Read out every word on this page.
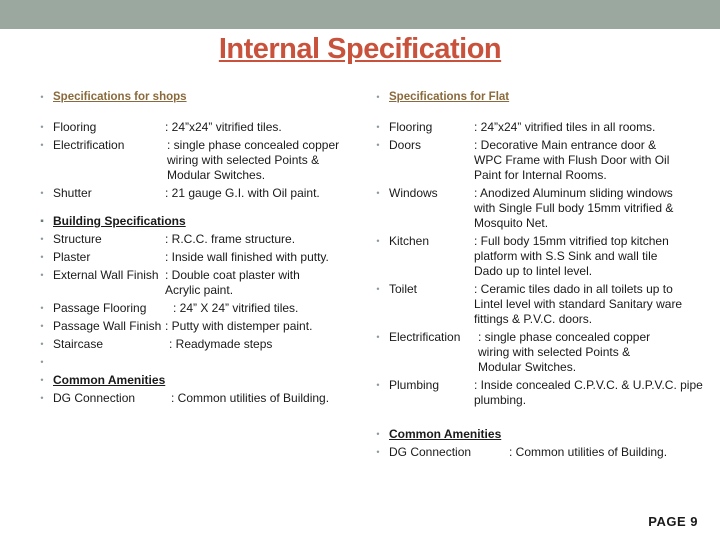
Internal Specification
• Specifications for shops
• Flooring	: 24”x24” vitrified tiles.
• Electrification	: single phase concealed copper wiring with selected Points & Modular Switches.
• Shutter	: 21 gauge G.I. with Oil paint.
▪ Building Specifications
• Structure	: R.C.C. frame structure.
• Plaster	: Inside wall finished with putty.
• External Wall Finish : Double coat plaster with Acrylic paint.
• Passage Flooring	: 24” X 24” vitrified tiles.
• Passage Wall Finish : Putty with distemper paint.
• Staircase	: Readymade steps
•

• Common Amenities
• DG Connection	: Common utilities of Building.
• Specifications for Flat
• Flooring	: 24”x24” vitrified tiles in all rooms.
• Doors	: Decorative Main entrance door & WPC Frame with Flush Door with Oil Paint for Internal Rooms.
• Windows	: Anodized Aluminum sliding windows with Single Full body 15mm vitrified & Mosquito Net.
• Kitchen	: Full body 15mm vitrified top kitchen platform with S.S Sink and wall tile Dado up to lintel level.
• Toilet	: Ceramic tiles dado in all toilets up to Lintel level with standard Sanitary ware fittings & P.V.C. doors.
• Electrification	: single phase concealed copper wiring with selected Points & Modular Switches.
• Plumbing	: Inside concealed C.P.V.C. & U.P.V.C. pipe plumbing.
• Common Amenities
• DG Connection	: Common utilities of Building.
PAGE 9
